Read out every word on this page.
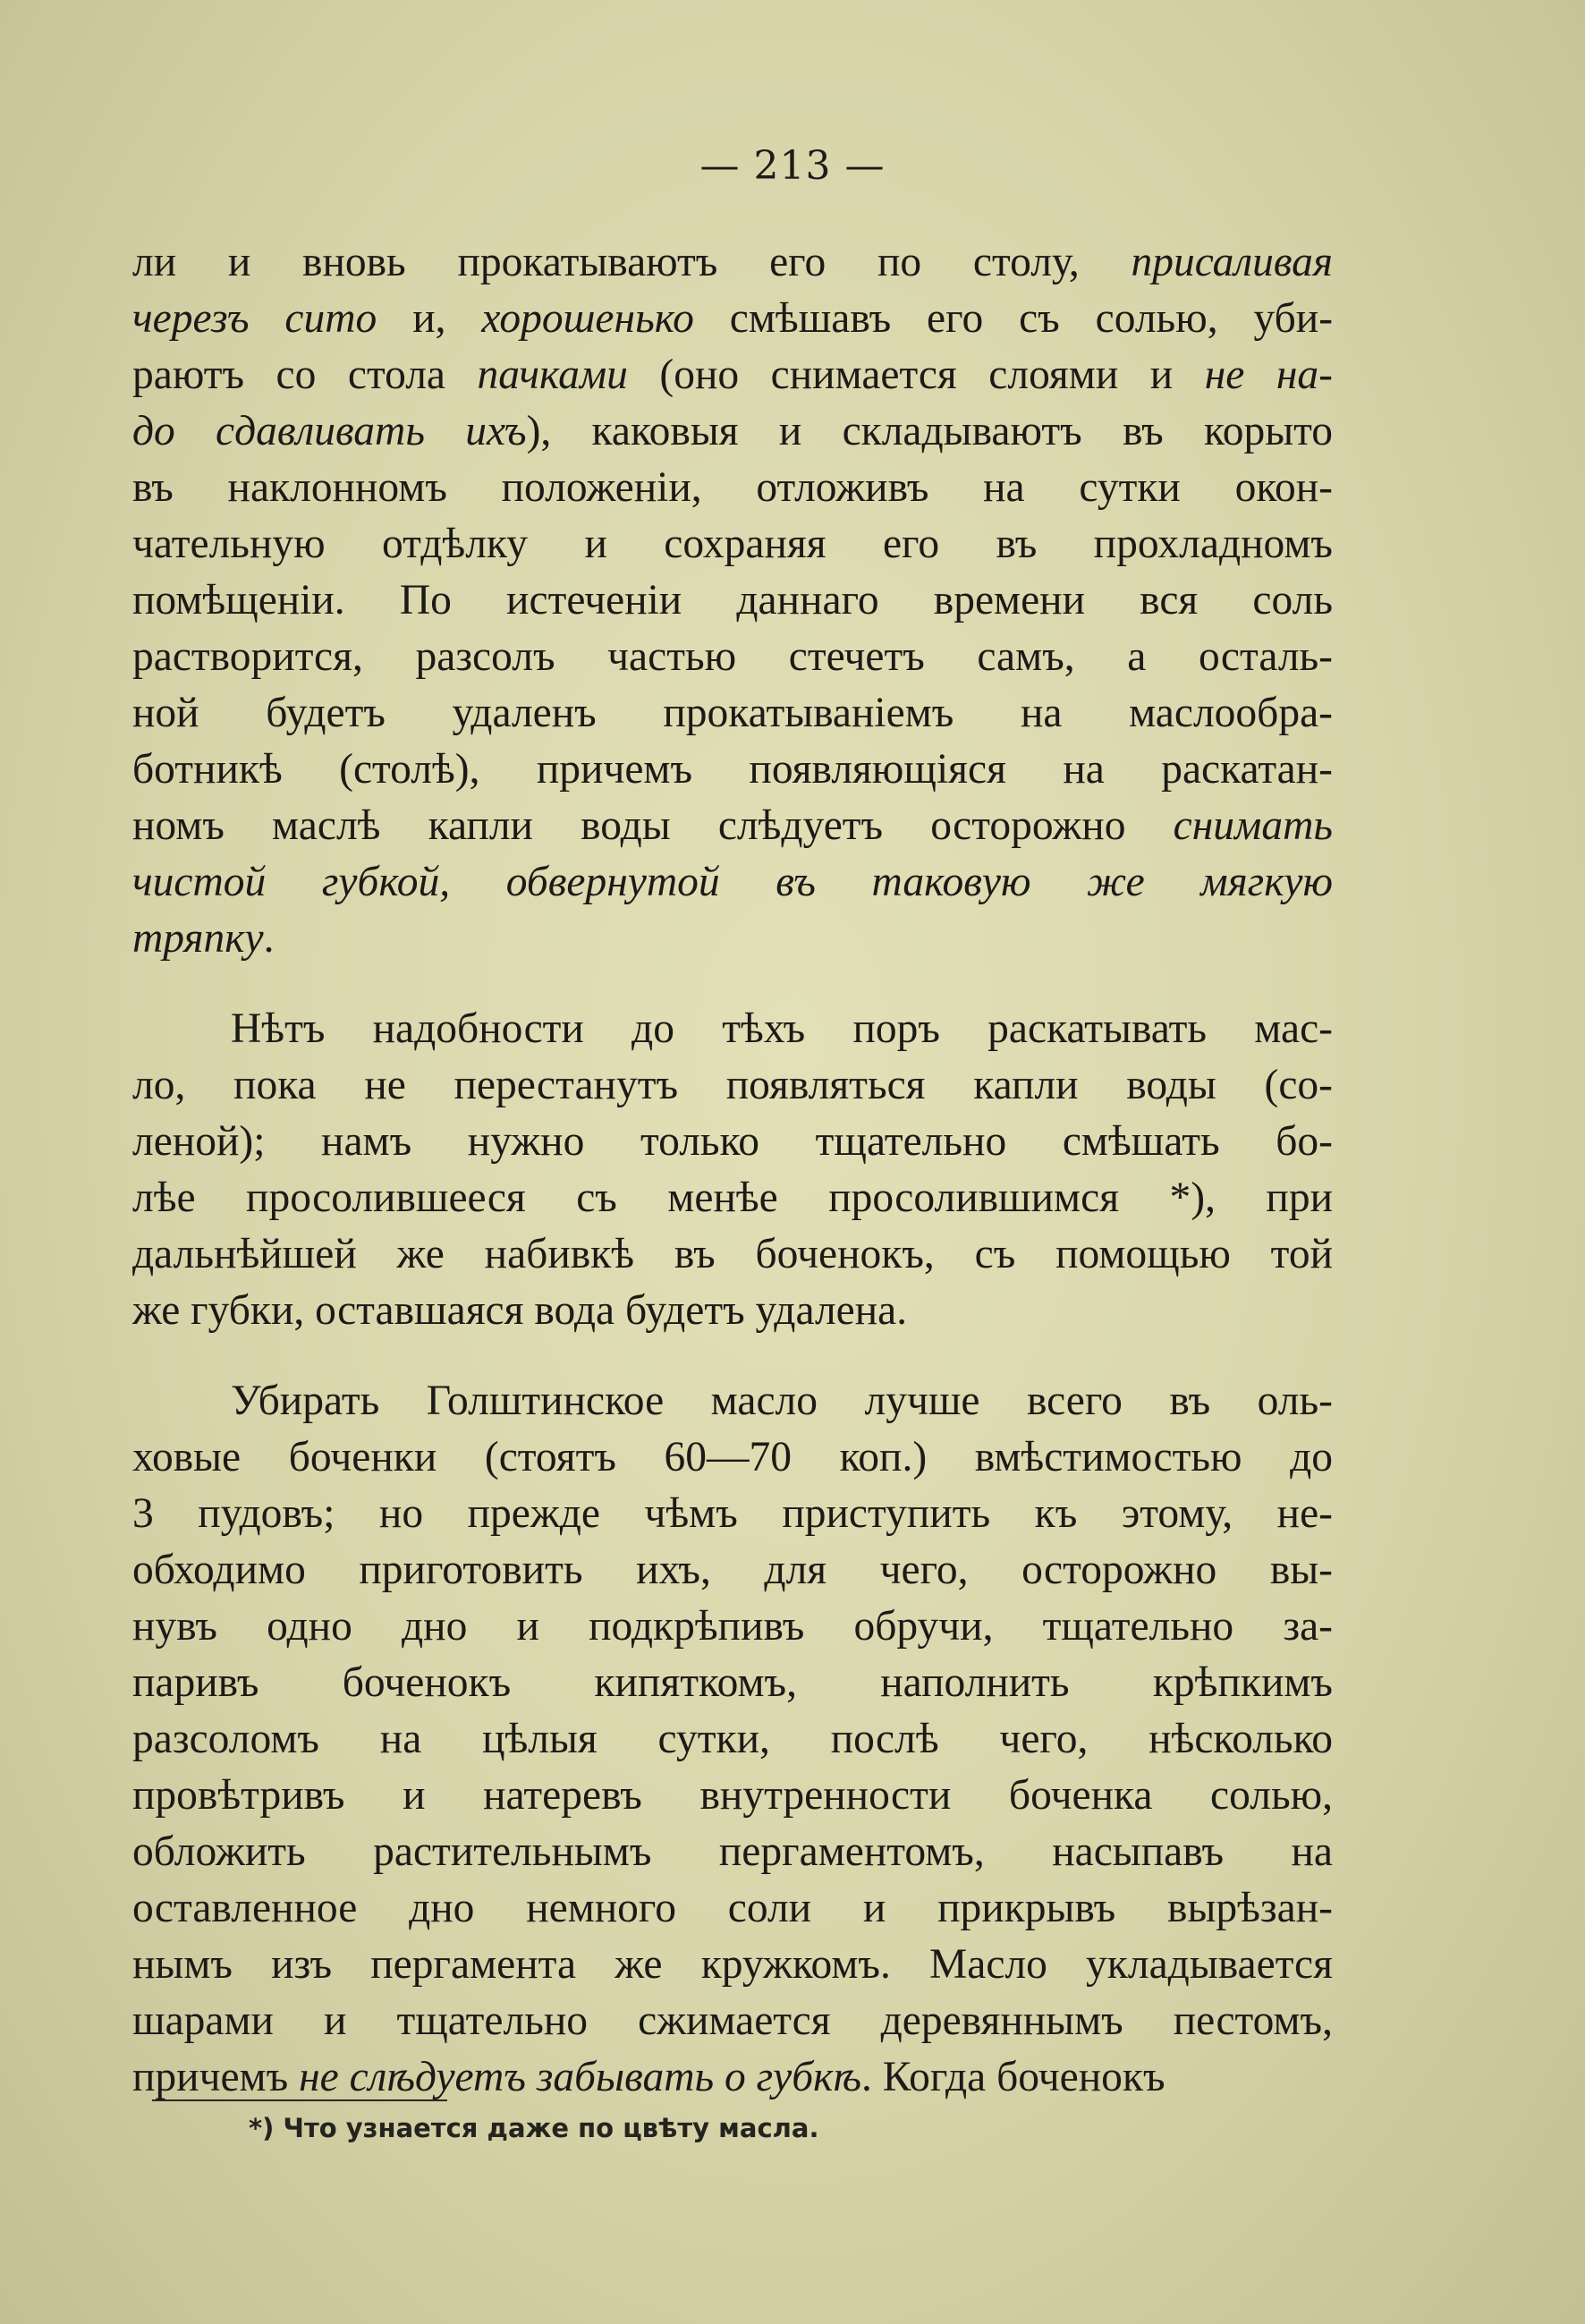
— 213 —
ли и вновь прокатываютъ его по столу, присаливая
черезъ сито и, хорошенько смѣшавъ его съ солью, уби-
раютъ со стола пачками (оно снимается слоями и не на-
до сдавливать ихъ), каковыя и складываютъ въ корыто
въ наклонномъ положеніи, отложивъ на сутки окон-
чательную отдѣлку и сохраняя его въ прохладномъ
помѣщеніи. По истеченіи даннаго времени вся соль
растворится, разсолъ частью стечетъ самъ, а осталь-
ной будетъ удаленъ прокатываніемъ на маслообра-
ботникѣ (столѣ), причемъ появляющіяся на раскатан-
номъ маслѣ капли воды слѣдуетъ осторожно снимать
чистой губкой, обвернутой въ таковую же мягкую
тряпку.
Нѣтъ надобности до тѣхъ поръ раскатывать мас-
ло, пока не перестанутъ появляться капли воды (со-
леной); намъ нужно только тщательно смѣшать бо-
лѣе просолившееся съ менѣе просолившимся *), при
дальнѣйшей же набивкѣ въ боченокъ, съ помощью той
же губки, оставшаяся вода будетъ удалена.
Убирать Голштинское масло лучше всего въ оль-
ховые боченки (стоятъ 60—70 коп.) вмѣстимостью до
3 пудовъ; но прежде чѣмъ приступить къ этому, не-
обходимо приготовить ихъ, для чего, осторожно вы-
нувъ одно дно и подкрѣпивъ обручи, тщательно за-
паривъ боченокъ кипяткомъ, наполнить крѣпкимъ
разсоломъ на цѣлыя сутки, послѣ чего, нѣсколько
провѣтривъ и натеревъ внутренности боченка солью,
обложить растительнымъ пергаментомъ, насыпавъ на
оставленное дно немного соли и прикрывъ вырѣзан-
нымъ изъ пергамента же кружкомъ. Масло укладывается
шарами и тщательно сжимается деревяннымъ пестомъ,
причемъ не слѣдуетъ забывать о губкѣ. Когда боченокъ
*) Что узнается даже по цвѣту масла.
